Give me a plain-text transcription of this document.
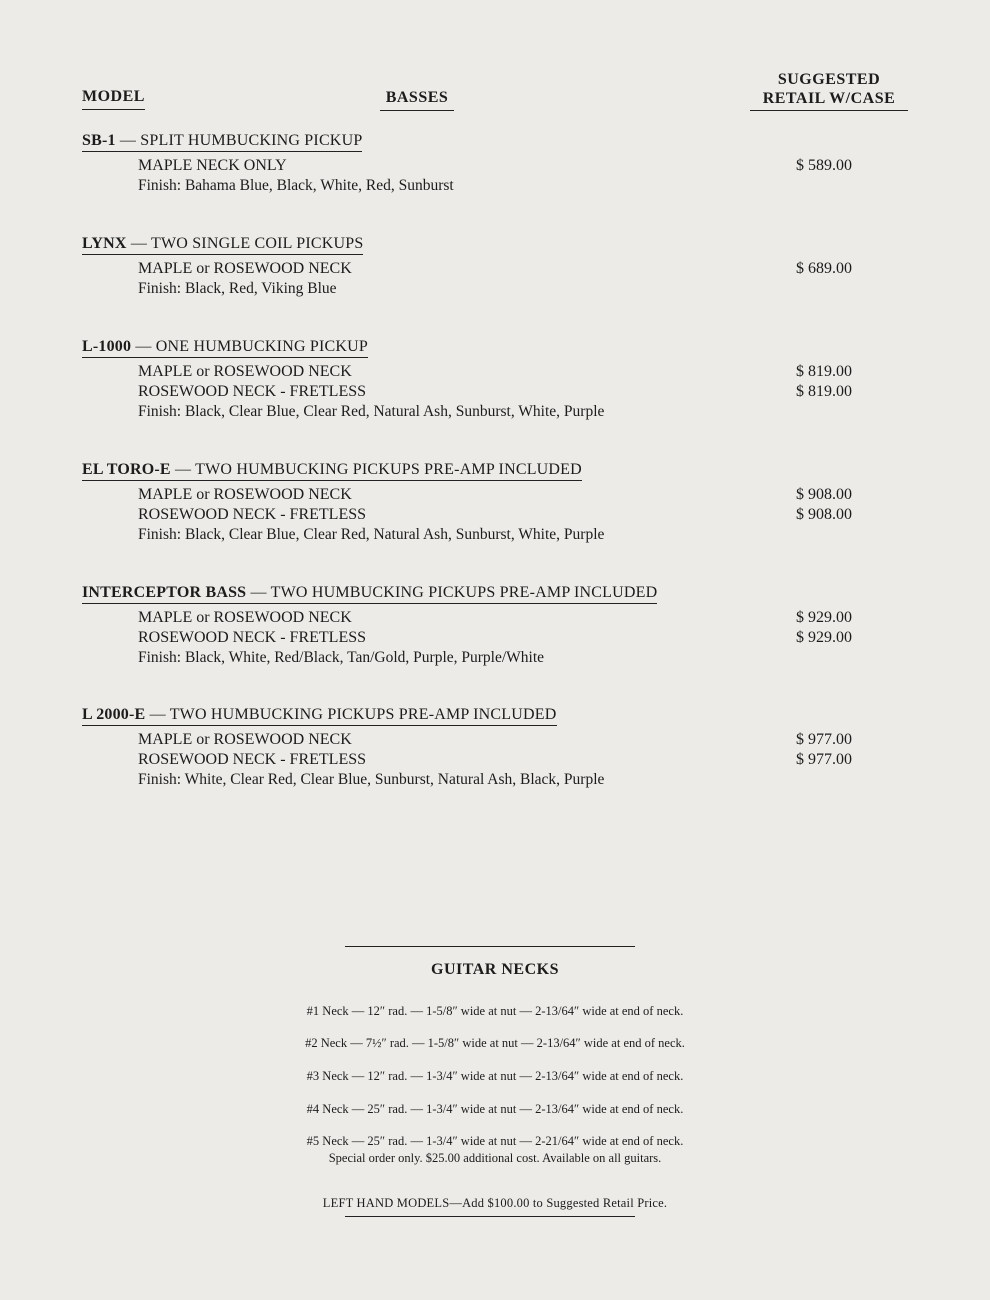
MODEL	BASSES
SUGGESTED
RETAIL W/CASE
SB-1 — SPLIT HUMBUCKING PICKUP
MAPLE NECK ONLY	$ 589.00
Finish: Bahama Blue, Black, White, Red, Sunburst
LYNX — TWO SINGLE COIL PICKUPS
MAPLE or ROSEWOOD NECK	$ 689.00
Finish: Black, Red, Viking Blue
L-1000 — ONE HUMBUCKING PICKUP
MAPLE or ROSEWOOD NECK	$ 819.00
ROSEWOOD NECK - FRETLESS	$ 819.00
Finish: Black, Clear Blue, Clear Red, Natural Ash, Sunburst, White, Purple
EL TORO-E — TWO HUMBUCKING PICKUPS PRE-AMP INCLUDED
MAPLE or ROSEWOOD NECK	$ 908.00
ROSEWOOD NECK - FRETLESS	$ 908.00
Finish: Black, Clear Blue, Clear Red, Natural Ash, Sunburst, White, Purple
INTERCEPTOR BASS — TWO HUMBUCKING PICKUPS PRE-AMP INCLUDED
MAPLE or ROSEWOOD NECK	$ 929.00
ROSEWOOD NECK - FRETLESS	$ 929.00
Finish: Black, White, Red/Black, Tan/Gold, Purple, Purple/White
L 2000-E — TWO HUMBUCKING PICKUPS PRE-AMP INCLUDED
MAPLE or ROSEWOOD NECK	$ 977.00
ROSEWOOD NECK - FRETLESS	$ 977.00
Finish: White, Clear Red, Clear Blue, Sunburst, Natural Ash, Black, Purple
GUITAR NECKS
#1 Neck — 12″ rad. — 1-5/8″ wide at nut — 2-13/64″ wide at end of neck.
#2 Neck — 7½″ rad. — 1-5/8″ wide at nut — 2-13/64″ wide at end of neck.
#3 Neck — 12″ rad. — 1-3/4″ wide at nut — 2-13/64″ wide at end of neck.
#4 Neck — 25″ rad. — 1-3/4″ wide at nut — 2-13/64″ wide at end of neck.
#5 Neck — 25″ rad. — 1-3/4″ wide at nut — 2-21/64″ wide at end of neck.
Special order only. $25.00 additional cost. Available on all guitars.
LEFT HAND MODELS—Add $100.00 to Suggested Retail Price.
